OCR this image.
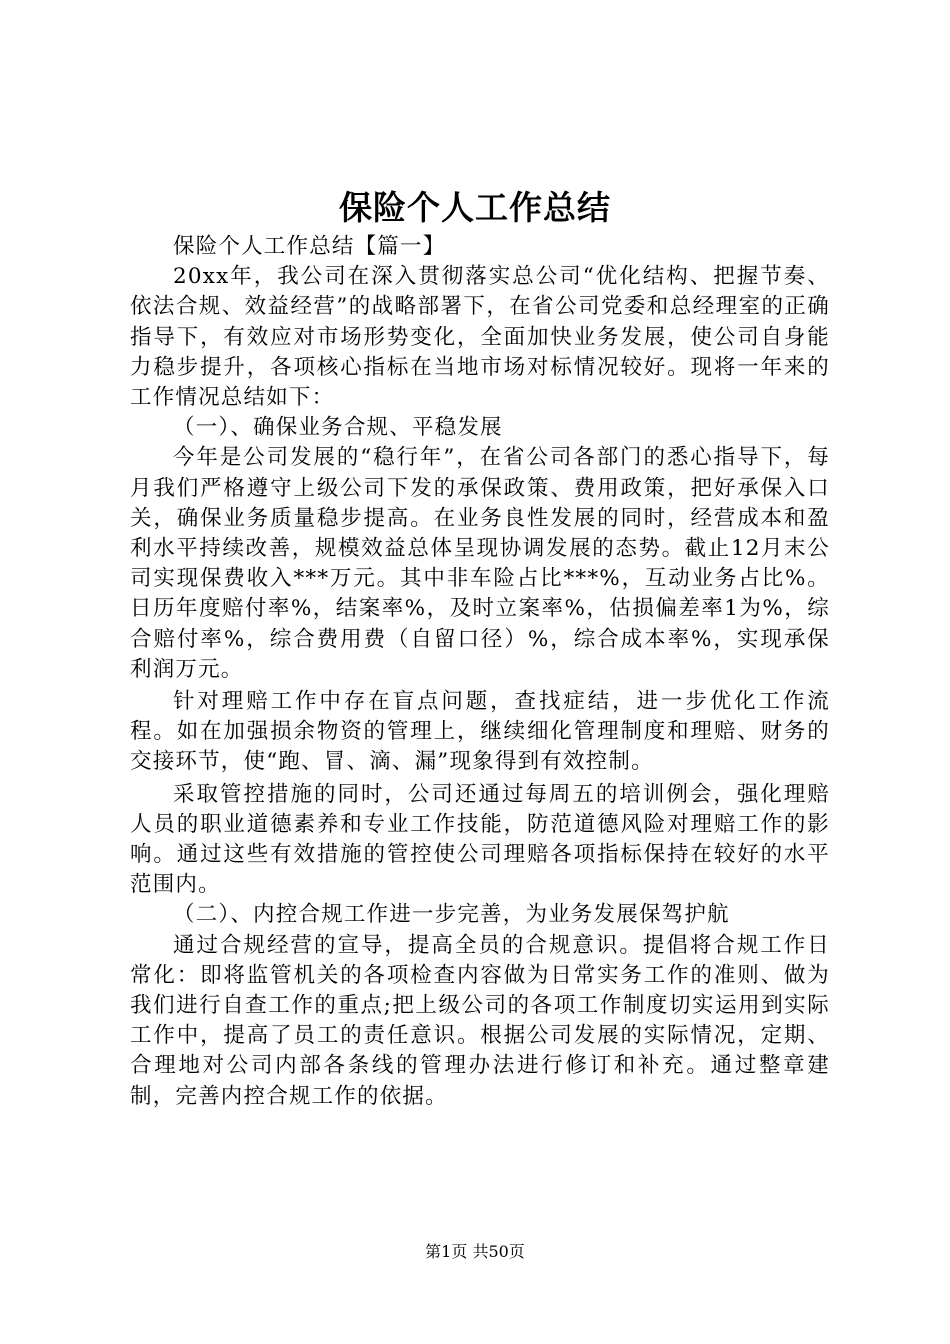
保险个人工作总结

保险个人工作总结【篇一】

20xx年，我公司在深入贯彻落实总公司“优化结构、把握节奏、依法合规、效益经营”的战略部署下，在省公司党委和总经理室的正确指导下，有效应对市场形势变化，全面加快业务发展，使公司自身能力稳步提升，各项核心指标在当地市场对标情况较好。现将一年来的工作情况总结如下：

（一）、确保业务合规、平稳发展

今年是公司发展的“稳行年”，在省公司各部门的悉心指导下，每月我们严格遵守上级公司下发的承保政策、费用政策，把好承保入口关，确保业务质量稳步提高。在业务良性发展的同时，经营成本和盈利水平持续改善，规模效益总体呈现协调发展的态势。截止12月末公司实现保费收入***万元。其中非车险占比***%，互动业务占比%。日历年度赔付率%，结案率%，及时立案率%，估损偏差率1为%，综合赔付率%，综合费用费（自留口径）%，综合成本率%，实现承保利润万元。

针对理赔工作中存在盲点问题，查找症结，进一步优化工作流程。如在加强损余物资的管理上，继续细化管理制度和理赔、财务的交接环节，使“跑、冒、滴、漏”现象得到有效控制。

采取管控措施的同时，公司还通过每周五的培训例会，强化理赔人员的职业道德素养和专业工作技能，防范道德风险对理赔工作的影响。通过这些有效措施的管控使公司理赔各项指标保持在较好的水平范围内。

（二）、内控合规工作进一步完善，为业务发展保驾护航

通过合规经营的宣导，提高全员的合规意识。提倡将合规工作日常化：即将监管机关的各项检查内容做为日常实务工作的准则、做为我们进行自查工作的重点;把上级公司的各项工作制度切实运用到实际工作中，提高了员工的责任意识。根据公司发展的实际情况，定期、合理地对公司内部各条线的管理办法进行修订和补充。通过整章建制，完善内控合规工作的依据。

第1页 共50页
